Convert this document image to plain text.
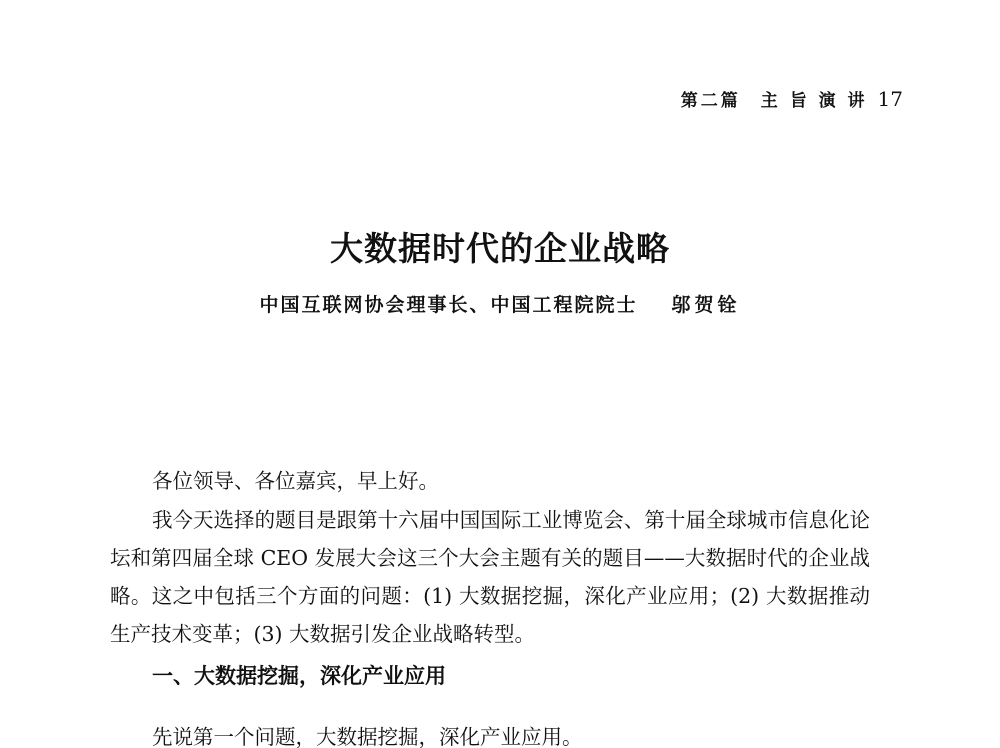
第二篇 主 旨 演 讲 17
大数据时代的企业战略
中国互联网协会理事长、中国工程院院士 邬贺铨

各位领导、各位嘉宾，早上好。

我今天选择的题目是跟第十六届中国国际工业博览会、第十届全球城市信息化论坛和第四届全球 CEO 发展大会这三个大会主题有关的题目——大数据时代的企业战略。这之中包括三个方面的问题：(1) 大数据挖掘，深化产业应用；(2) 大数据推动生产技术变革；(3) 大数据引发企业战略转型。

一、大数据挖掘，深化产业应用

先说第一个问题，大数据挖掘，深化产业应用。
